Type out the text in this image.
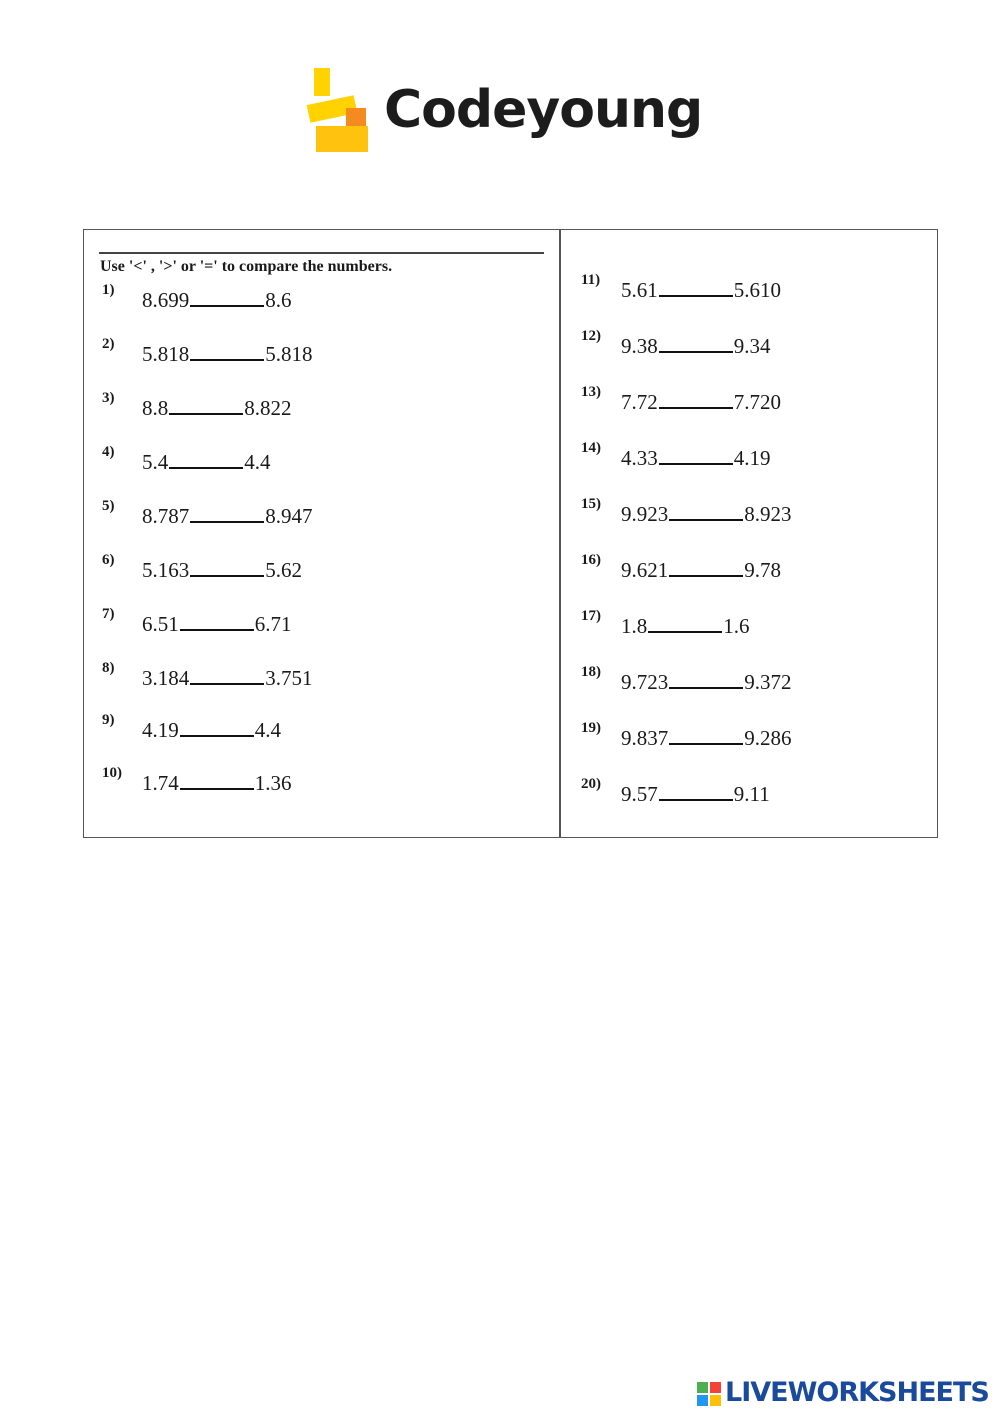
Codeyoung
Use '<' , '>' or '=' to compare the numbers.
1) 8.699	8.6
2) 5.818	5.818
3) 8.8	8.822
4) 5.4	4.4
5) 8.787	8.947
6) 5.163	5.62
7) 6.51	6.71
8) 3.184	3.751
9) 4.19	4.4
10) 1.74	1.36
11) 5.61	5.610
12) 9.38	9.34
13) 7.72	7.720
14) 4.33	4.19
15) 9.923	8.923
16) 9.621	9.78
17) 1.8	1.6
18) 9.723	9.372
19) 9.837	9.286
20) 9.57	9.11
LIVEWORKSHEETS
